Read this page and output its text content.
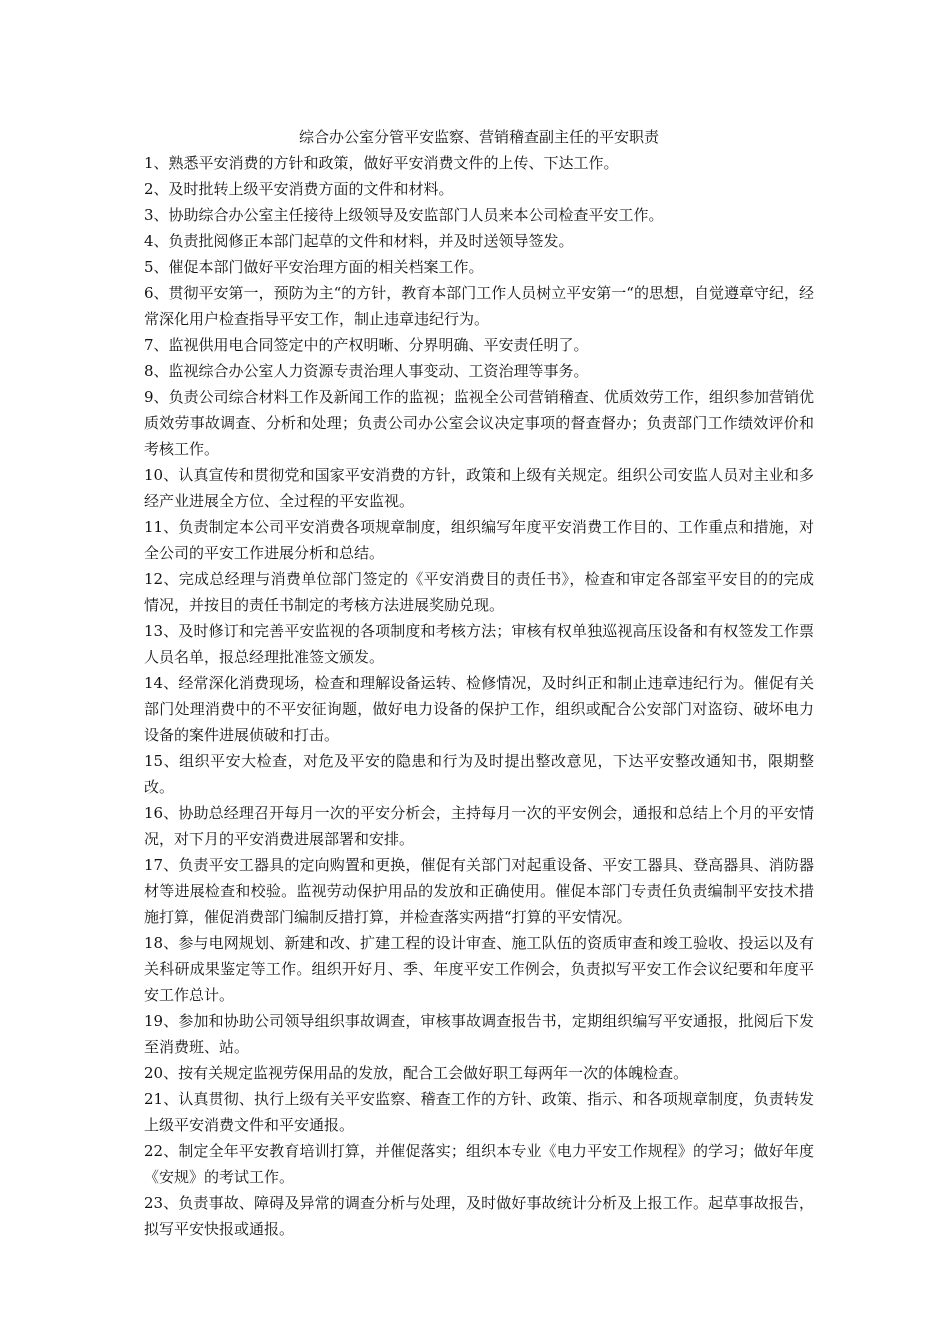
综合办公室分管平安监察、营销稽查副主任的平安职责
1、熟悉平安消费的方针和政策，做好平安消费文件的上传、下达工作。
2、及时批转上级平安消费方面的文件和材料。
3、协助综合办公室主任接待上级领导及安监部门人员来本公司检查平安工作。
4、负责批阅修正本部门起草的文件和材料，并及时送领导签发。
5、催促本部门做好平安治理方面的相关档案工作。
6、贯彻平安第一，预防为主“的方针，教育本部门工作人员树立平安第一“的思想，自觉遵章守纪，经常深化用户检查指导平安工作，制止违章违纪行为。
7、监视供用电合同签定中的产权明晰、分界明确、平安责任明了。
8、监视综合办公室人力资源专责治理人事变动、工资治理等事务。
9、负责公司综合材料工作及新闻工作的监视；监视全公司营销稽查、优质效劳工作，组织参加营销优质效劳事故调查、分析和处理；负责公司办公室会议决定事项的督查督办；负责部门工作绩效评价和考核工作。
10、认真宣传和贯彻党和国家平安消费的方针，政策和上级有关规定。组织公司安监人员对主业和多经产业进展全方位、全过程的平安监视。
11、负责制定本公司平安消费各项规章制度，组织编写年度平安消费工作目的、工作重点和措施，对全公司的平安工作进展分析和总结。
12、完成总经理与消费单位部门签定的《平安消费目的责任书》，检查和审定各部室平安目的的完成情况，并按目的责任书制定的考核方法进展奖励兑现。
13、及时修订和完善平安监视的各项制度和考核方法；审核有权单独巡视高压设备和有权签发工作票人员名单，报总经理批准签文颁发。
14、经常深化消费现场，检查和理解设备运转、检修情况，及时纠正和制止违章违纪行为。催促有关部门处理消费中的不平安征询题，做好电力设备的保护工作，组织或配合公安部门对盗窃、破坏电力设备的案件进展侦破和打击。
15、组织平安大检查，对危及平安的隐患和行为及时提出整改意见，下达平安整改通知书，限期整改。
16、协助总经理召开每月一次的平安分析会，主持每月一次的平安例会，通报和总结上个月的平安情况，对下月的平安消费进展部署和安排。
17、负责平安工器具的定向购置和更换，催促有关部门对起重设备、平安工器具、登高器具、消防器材等进展检查和校验。监视劳动保护用品的发放和正确使用。催促本部门专责任负责编制平安技术措施打算，催促消费部门编制反措打算，并检查落实两措“打算的平安情况。
18、参与电网规划、新建和改、扩建工程的设计审查、施工队伍的资质审查和竣工验收、投运以及有关科研成果鉴定等工作。组织开好月、季、年度平安工作例会，负责拟写平安工作会议纪要和年度平安工作总计。
19、参加和协助公司领导组织事故调查，审核事故调查报告书，定期组织编写平安通报，批阅后下发至消费班、站。
20、按有关规定监视劳保用品的发放，配合工会做好职工每两年一次的体魄检查。
21、认真贯彻、执行上级有关平安监察、稽查工作的方针、政策、指示、和各项规章制度，负责转发上级平安消费文件和平安通报。
22、制定全年平安教育培训打算，并催促落实；组织本专业《电力平安工作规程》的学习；做好年度《安规》的考试工作。
23、负责事故、障碍及异常的调查分析与处理，及时做好事故统计分析及上报工作。起草事故报告，拟写平安快报或通报。
